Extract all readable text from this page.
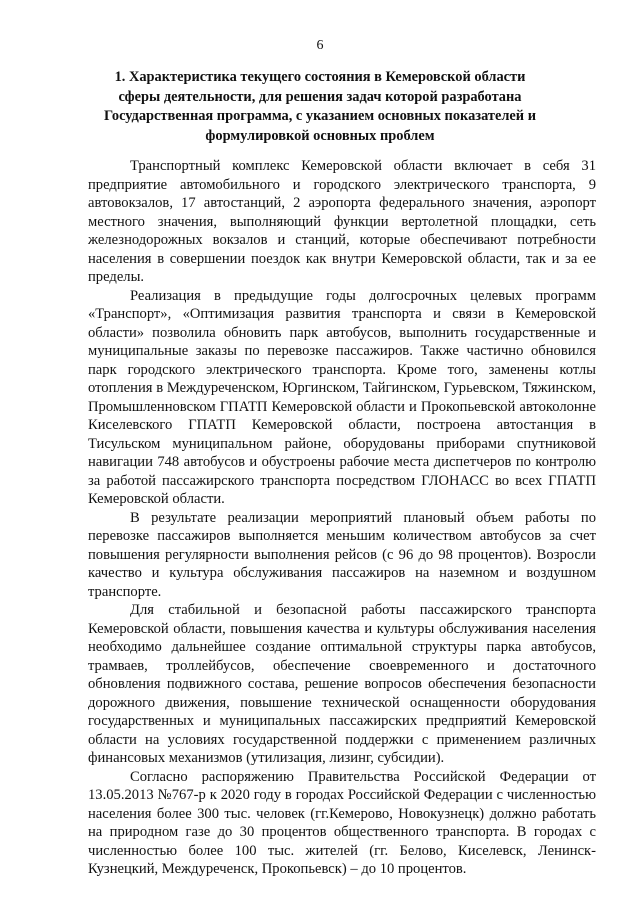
6
1. Характеристика текущего состояния в Кемеровской области сферы деятельности, для решения задач которой разработана Государственная программа, с указанием основных показателей и формулировкой основных проблем

Транспортный комплекс Кемеровской области включает в себя 31 предприятие автомобильного и городского электрического транспорта, 9 автовокзалов, 17 автостанций, 2 аэропорта федерального значения, аэропорт местного значения, выполняющий функции вертолетной площадки, сеть железнодорожных вокзалов и станций, которые обеспечивают потребности населения в совершении поездок как внутри Кемеровской области, так и за ее пределы.

Реализация в предыдущие годы долгосрочных целевых программ «Транспорт», «Оптимизация развития транспорта и связи в Кемеровской области» позволила обновить парк автобусов, выполнить государственные и муниципальные заказы по перевозке пассажиров. Также частично обновился парк городского электрического транспорта. Кроме того, заменены котлы отопления в Междуреченском, Юргинском, Тайгинском, Гурьевском, Тяжинском, Промышленновском ГПАТП Кемеровской области и Прокопьевской автоколонне Киселевского ГПАТП Кемеровской области, построена автостанция в Тисульском муниципальном районе, оборудованы приборами спутниковой навигации 748 автобусов и обустроены рабочие места диспетчеров по контролю за работой пассажирского транспорта посредством ГЛОНАСС во всех ГПАТП Кемеровской области.

В результате реализации мероприятий плановый объем работы по перевозке пассажиров выполняется меньшим количеством автобусов за счет повышения регулярности выполнения рейсов (с 96 до 98 процентов). Возросли качество и культура обслуживания пассажиров на наземном и воздушном транспорте.

Для стабильной и безопасной работы пассажирского транспорта Кемеровской области, повышения качества и культуры обслуживания населения необходимо дальнейшее создание оптимальной структуры парка автобусов, трамваев, троллейбусов, обеспечение своевременного и достаточного обновления подвижного состава, решение вопросов обеспечения безопасности дорожного движения, повышение технической оснащенности оборудования государственных и муниципальных пассажирских предприятий Кемеровской области на условиях государственной поддержки с применением различных финансовых механизмов (утилизация, лизинг, субсидии).

Согласно распоряжению Правительства Российской Федерации от 13.05.2013 №767-р к 2020 году в городах Российской Федерации с численностью населения более 300 тыс. человек (гг.Кемерово, Новокузнецк) должно работать на природном газе до 30 процентов общественного транспорта. В городах с численностью более 100 тыс. жителей (гг. Белово, Киселевск, Ленинск-Кузнецкий, Междуреченск, Прокопьевск) – до 10 процентов.
